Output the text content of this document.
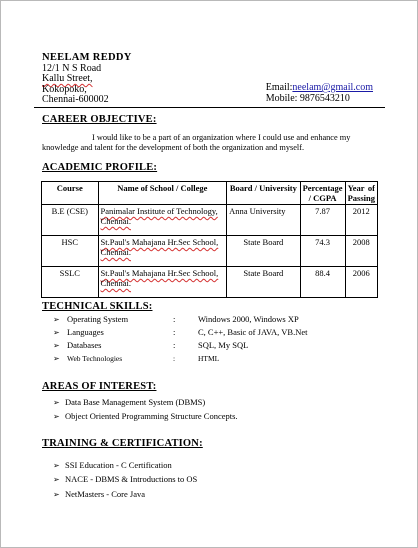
NEELAM REDDY
12/1 N S Road
Kallu Street,
Kokopoko,
Chennai-600002
Email:neelam@gmail.com
Mobile: 9876543210
CAREER OBJECTIVE:
I would like to be a part of an organization where I could use and enhance my knowledge and talent for the development of both the organization and myself.
ACADEMIC PROFILE:
Course	Name of School / College	Board / University	Percentage / CGPA	Year of
Passing

B.E (CSE)	Panimalar Institute of Technology, Chennai.	Anna University	7.87	2012
HSC	St.Paul's Mahajana Hr.Sec School, Chennai.	State Board	74.3	2008
SSLC	St.Paul's Mahajana Hr.Sec School, Chennai.	State Board	88.4	2006
TECHNICAL SKILLS:
➢ Operating System	:	Windows 2000, Windows XP
➢ Languages	:	C, C++, Basic of JAVA, VB.Net
➢ Databases	:	SQL, My SQL
➢ Web Technologies	:	HTML
AREAS OF INTEREST:
➢ Data Base Management System (DBMS)
➢ Object Oriented Programming Structure Concepts.
TRAINING & CERTIFICATION:
➢ SSI Education - C Certification
➢ NACE - DBMS & Introductions to OS
➢ NetMasters - Core Java
